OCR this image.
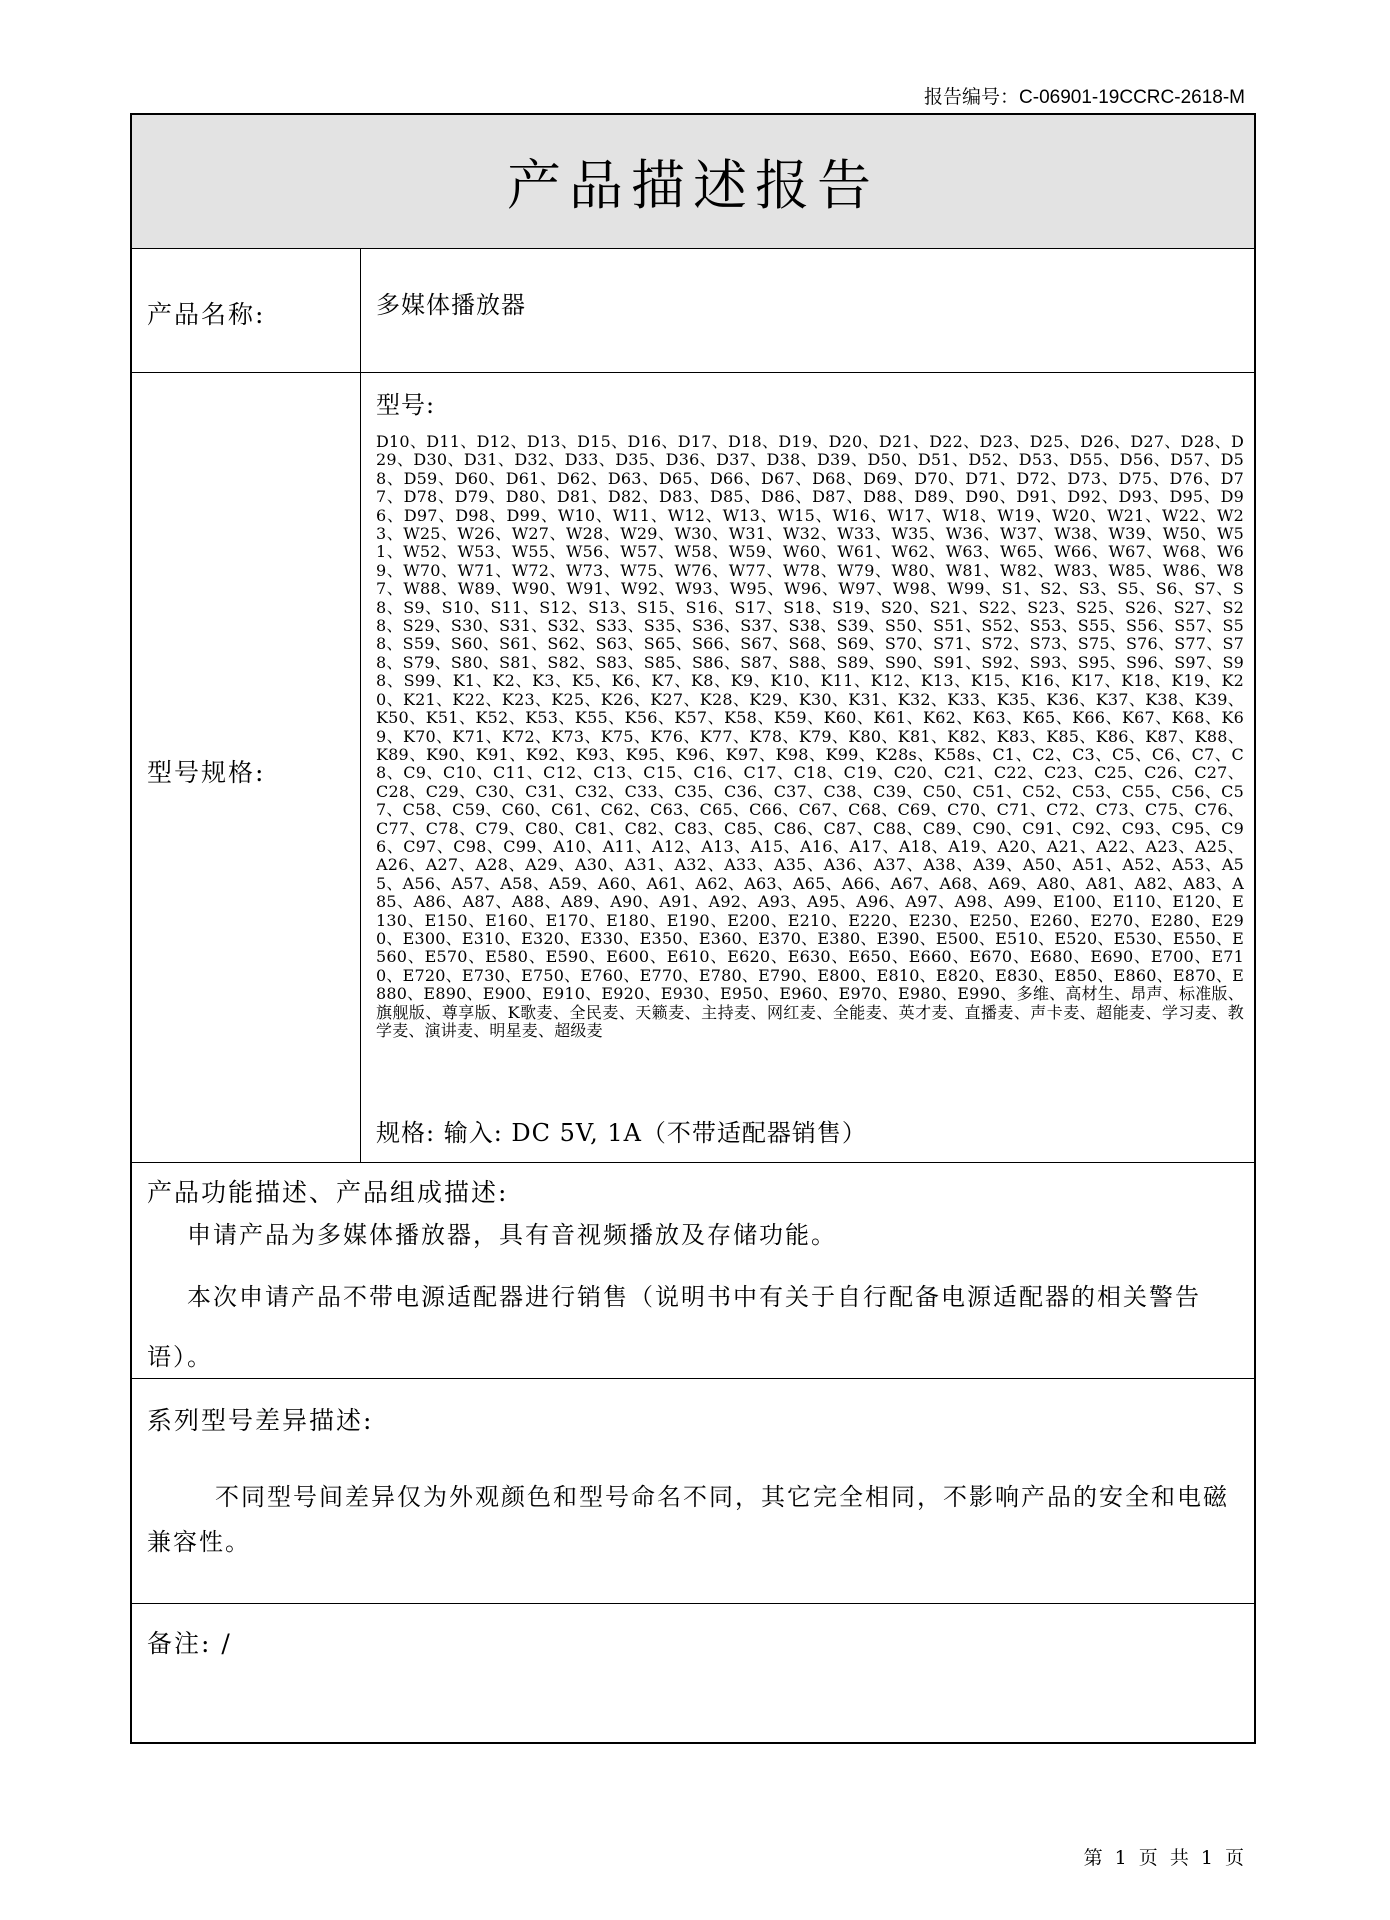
报告编号：C-06901-19CCRC-2618-M
产品描述报告
产品名称:	多媒体播放器
型号规格:
型号:
D10、D11、D12、D13、D15、D16、D17、D18、D19、D20、D21、D22、D23、D25、D26、D27、D28、D29、D30、D31、D32、D33、D35、D36、D37、D38、D39、D50、D51、D52、D53、D55、D56、D57、D58、D59、D60、D61、D62、D63、D65、D66、D67、D68、D69、D70、D71、D72、D73、D75、D76、D77、D78、D79、D80、D81、D82、D83、D85、D86、D87、D88、D89、D90、D91、D92、D93、D95、D96、D97、D98、D99、W10、W11、W12、W13、W15、W16、W17、W18、W19、W20、W21、W22、W23、W25、W26、W27、W28、W29、W30、W31、W32、W33、W35、W36、W37、W38、W39、W50、W51、W52、W53、W55、W56、W57、W58、W59、W60、W61、W62、W63、W65、W66、W67、W68、W69、W70、W71、W72、W73、W75、W76、W77、W78、W79、W80、W81、W82、W83、W85、W86、W87、W88、W89、W90、W91、W92、W93、W95、W96、W97、W98、W99、S1、S2、S3、S5、S6、S7、S8、S9、S10、S11、S12、S13、S15、S16、S17、S18、S19、S20、S21、S22、S23、S25、S26、S27、S28、S29、S30、S31、S32、S33、S35、S36、S37、S38、S39、S50、S51、S52、S53、S55、S56、S57、S58、S59、S60、S61、S62、S63、S65、S66、S67、S68、S69、S70、S71、S72、S73、S75、S76、S77、S78、S79、S80、S81、S82、S83、S85、S86、S87、S88、S89、S90、S91、S92、S93、S95、S96、S97、S98、S99、K1、K2、K3、K5、K6、K7、K8、K9、K10、K11、K12、K13、K15、K16、K17、K18、K19、K20、K21、K22、K23、K25、K26、K27、K28、K29、K30、K31、K32、K33、K35、K36、K37、K38、K39、K50、K51、K52、K53、K55、K56、K57、K58、K59、K60、K61、K62、K63、K65、K66、K67、K68、K69、K70、K71、K72、K73、K75、K76、K77、K78、K79、K80、K81、K82、K83、K85、K86、K87、K88、K89、K90、K91、K92、K93、K95、K96、K97、K98、K99、K28s、K58s、C1、C2、C3、C5、C6、C7、C8、C9、C10、C11、C12、C13、C15、C16、C17、C18、C19、C20、C21、C22、C23、C25、C26、C27、C28、C29、C30、C31、C32、C33、C35、C36、C37、C38、C39、C50、C51、C52、C53、C55、C56、C57、C58、C59、C60、C61、C62、C63、C65、C66、C67、C68、C69、C70、C71、C72、C73、C75、C76、C77、C78、C79、C80、C81、C82、C83、C85、C86、C87、C88、C89、C90、C91、C92、C93、C95、C96、C97、C98、C99、A10、A11、A12、A13、A15、A16、A17、A18、A19、A20、A21、A22、A23、A25、A26、A27、A28、A29、A30、A31、A32、A33、A35、A36、A37、A38、A39、A50、A51、A52、A53、A55、A56、A57、A58、A59、A60、A61、A62、A63、A65、A66、A67、A68、A69、A80、A81、A82、A83、A85、A86、A87、A88、A89、A90、A91、A92、A93、A95、A96、A97、A98、A99、E100、E110、E120、E130、E150、E160、E170、E180、E190、E200、E210、E220、E230、E250、E260、E270、E280、E290、E300、E310、E320、E330、E350、E360、E370、E380、E390、E500、E510、E520、E530、E550、E560、E570、E580、E590、E600、E610、E620、E630、E650、E660、E670、E680、E690、E700、E710、E720、E730、E750、E760、E770、E780、E790、E800、E810、E820、E830、E850、E860、E870、E880、E890、E900、E910、E920、E930、E950、E960、E970、E980、E990、多维、高材生、昂声、标准版、旗舰版、尊享版、K歌麦、全民麦、天籁麦、主持麦、网红麦、全能麦、英才麦、直播麦、声卡麦、超能麦、学习麦、教学麦、演讲麦、明星麦、超级麦
规格: 输入: DC 5V, 1A（不带适配器销售）
产品功能描述、产品组成描述:
申请产品为多媒体播放器，具有音视频播放及存储功能。
本次申请产品不带电源适配器进行销售（说明书中有关于自行配备电源适配器的相关警告语）。
系列型号差异描述:
不同型号间差异仅为外观颜色和型号命名不同，其它完全相同，不影响产品的安全和电磁兼容性。
备注: /
第 1 页 共 1 页
